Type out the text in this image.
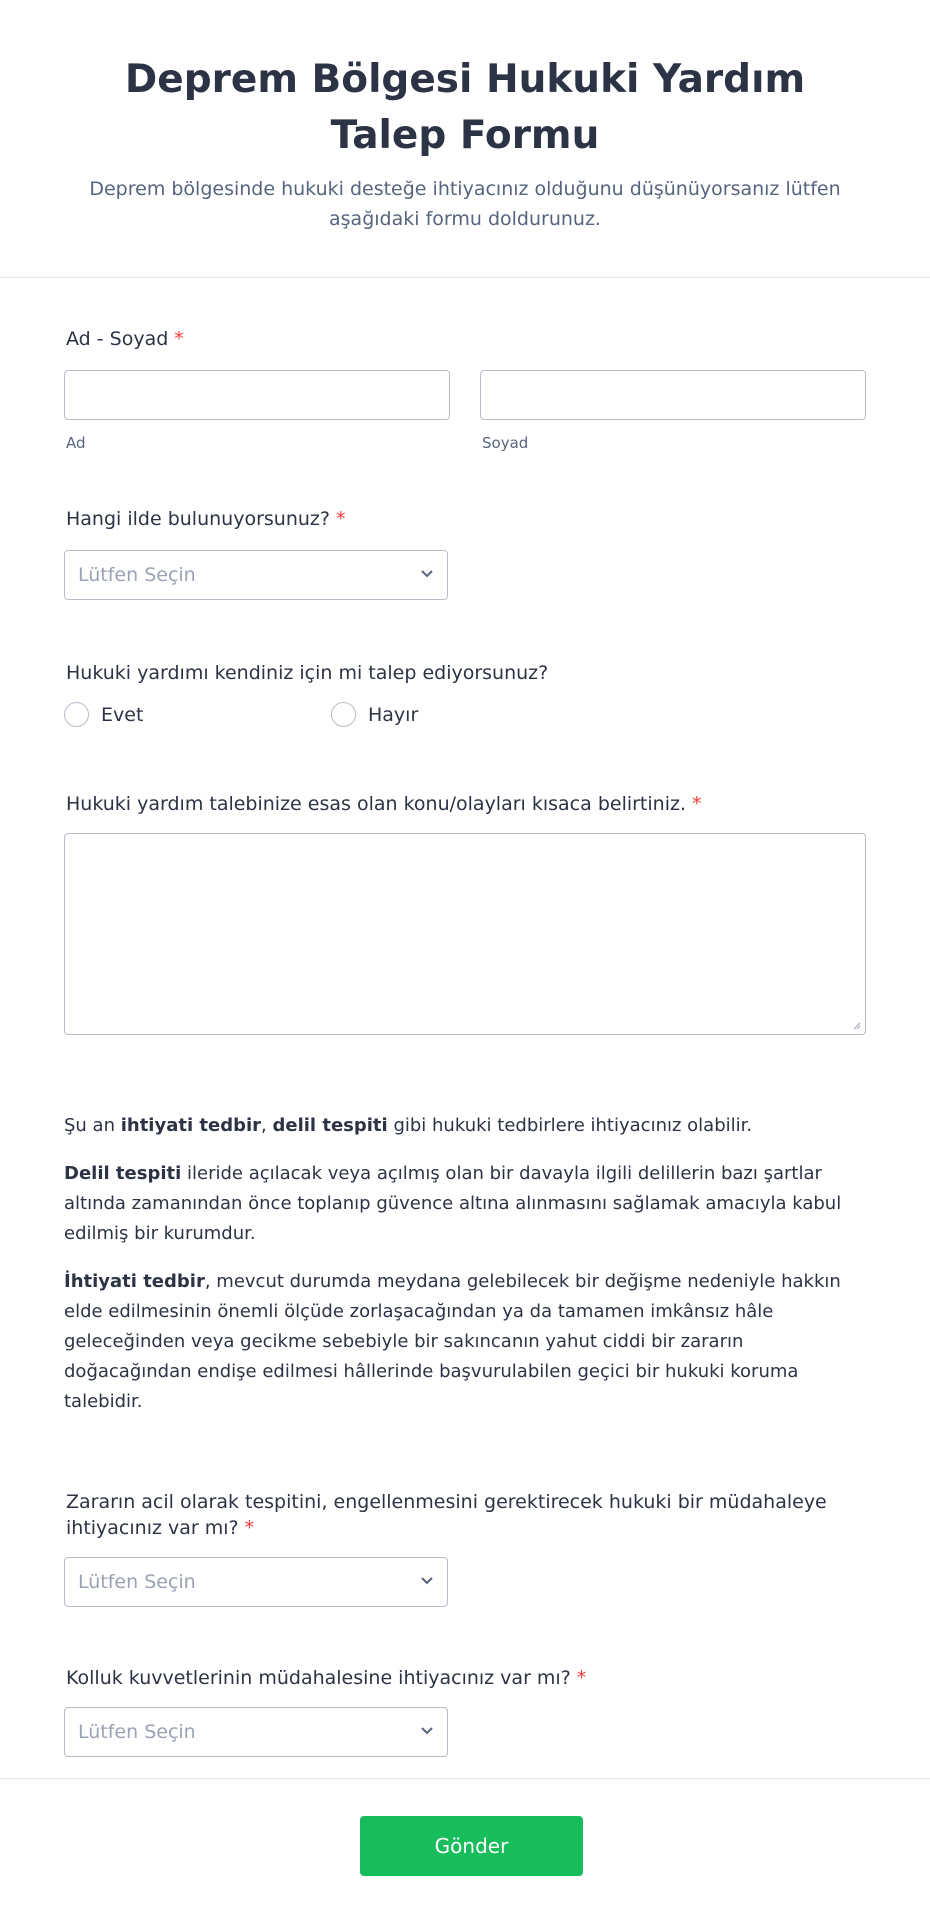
Deprem Bölgesi Hukuki Yardım Talep Formu

Deprem bölgesinde hukuki desteğe ihtiyacınız olduğunu düşünüyorsanız lütfen aşağıdaki formu doldurunuz.

Ad - Soyad *
Ad	Soyad
Hangi ilde bulunuyorsunuz? *
Lütfen Seçin
Hukuki yardımı kendiniz için mi talep ediyorsunuz?
Evet	Hayır
Hukuki yardım talebinize esas olan konu/olayları kısaca belirtiniz. *

Şu an ihtiyati tedbir, delil tespiti gibi hukuki tedbirlere ihtiyacınız olabilir.

Delil tespiti ileride açılacak veya açılmış olan bir davayla ilgili delillerin bazı şartlar altında zamanından önce toplanıp güvence altına alınmasını sağlamak amacıyla kabul edilmiş bir kurumdur.

İhtiyati tedbir, mevcut durumda meydana gelebilecek bir değişme nedeniyle hakkın elde edilmesinin önemli ölçüde zorlaşacağından ya da tamamen imkânsız hâle geleceğinden veya gecikme sebebiyle bir sakıncanın yahut ciddi bir zararın doğacağından endişe edilmesi hâllerinde başvurulabilen geçici bir hukuki koruma talebidir.

Zararın acil olarak tespitini, engellenmesini gerektirecek hukuki bir müdahaleye ihtiyacınız var mı? *
Lütfen Seçin
Kolluk kuvvetlerinin müdahalesine ihtiyacınız var mı? *
Lütfen Seçin
Gönder
